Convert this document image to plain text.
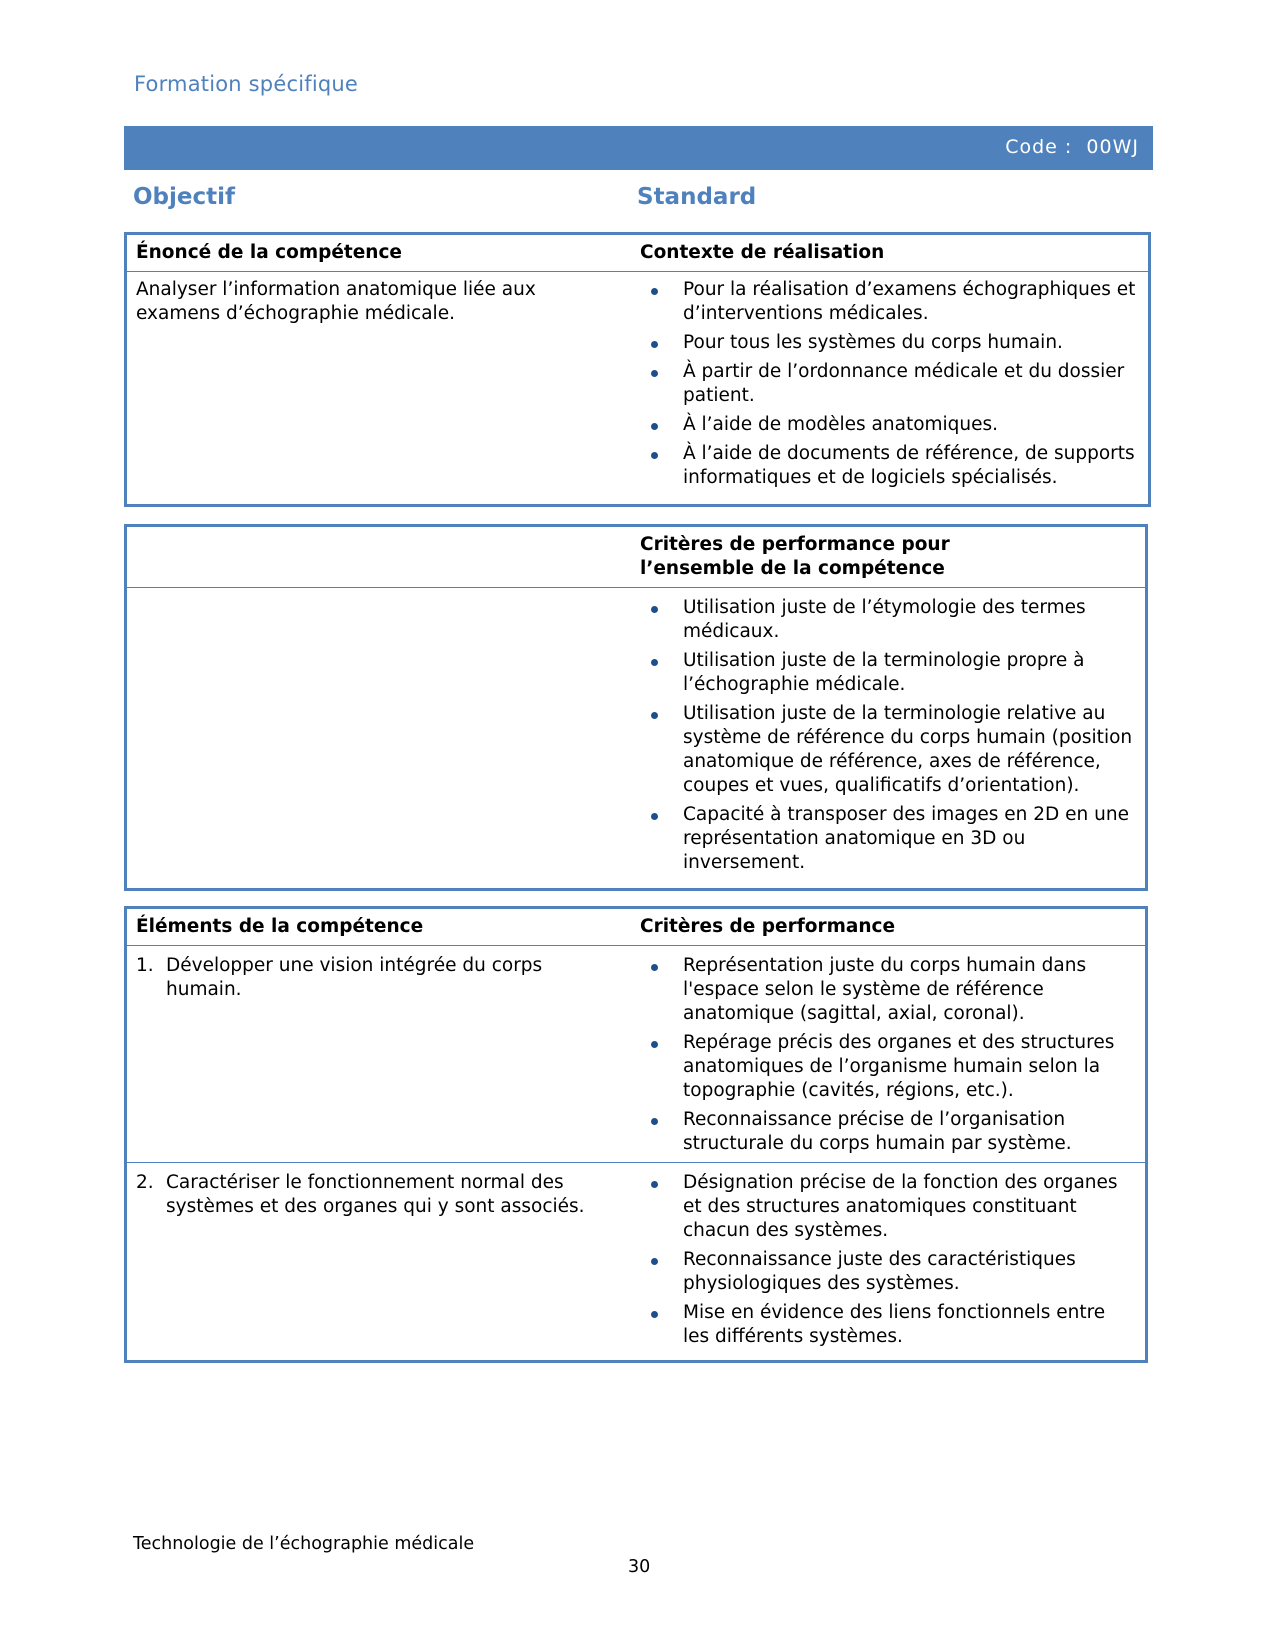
Formation spécifique
Code : 00WJ
Objectif	Standard
Énoncé de la compétence	Contexte de réalisation
Analyser l’information anatomique liée aux examens d’échographie médicale.
Pour la réalisation d’examens échographiques et d’interventions médicales.
Pour tous les systèmes du corps humain.
À partir de l’ordonnance médicale et du dossier patient.
À l’aide de modèles anatomiques.
À l’aide de documents de référence, de supports informatiques et de logiciels spécialisés.
Critères de performance pour l’ensemble de la compétence
Utilisation juste de l’étymologie des termes médicaux.
Utilisation juste de la terminologie propre à l’échographie médicale.
Utilisation juste de la terminologie relative au système de référence du corps humain (position anatomique de référence, axes de référence, coupes et vues, qualificatifs d’orientation).
Capacité à transposer des images en 2D en une représentation anatomique en 3D ou inversement.
Éléments de la compétence	Critères de performance
1. Développer une vision intégrée du corps humain.
Représentation juste du corps humain dans l'espace selon le système de référence anatomique (sagittal, axial, coronal).
Repérage précis des organes et des structures anatomiques de l’organisme humain selon la topographie (cavités, régions, etc.).
Reconnaissance précise de l’organisation structurale du corps humain par système.
2. Caractériser le fonctionnement normal des systèmes et des organes qui y sont associés.
Désignation précise de la fonction des organes et des structures anatomiques constituant chacun des systèmes.
Reconnaissance juste des caractéristiques physiologiques des systèmes.
Mise en évidence des liens fonctionnels entre les différents systèmes.
Technologie de l’échographie médicale
30
